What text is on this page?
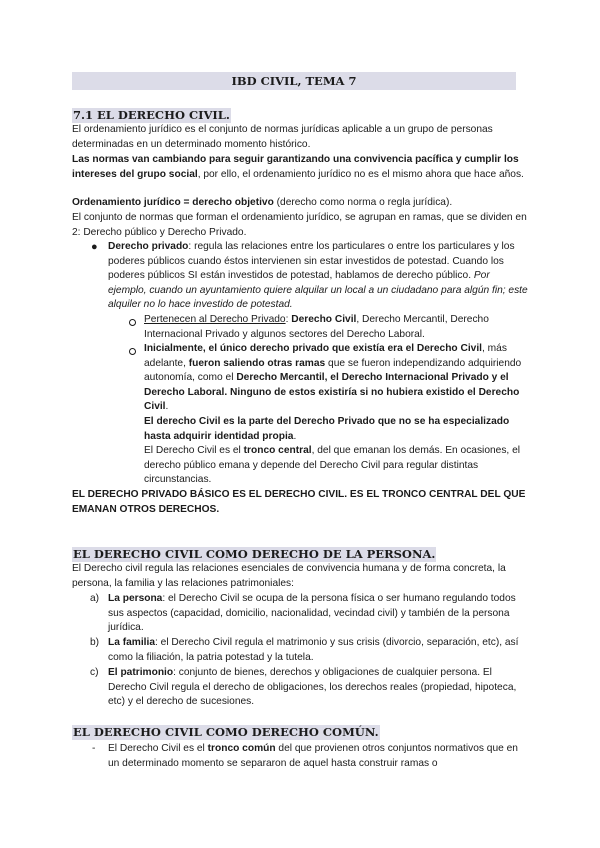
IBD CIVIL, TEMA 7
7.1 EL DERECHO CIVIL.
El ordenamiento jurídico es el conjunto de normas jurídicas aplicable a un grupo de personas determinadas en un determinado momento histórico.
Las normas van cambiando para seguir garantizando una convivencia pacífica y cumplir los intereses del grupo social, por ello, el ordenamiento jurídico no es el mismo ahora que hace años.
Ordenamiento jurídico = derecho objetivo (derecho como norma o regla jurídica).
El conjunto de normas que forman el ordenamiento jurídico, se agrupan en ramas, que se dividen en 2: Derecho público y Derecho Privado.
● Derecho privado: regula las relaciones entre los particulares o entre los particulares y los poderes públicos cuando éstos intervienen sin estar investidos de potestad. Cuando los poderes públicos SI están investidos de potestad, hablamos de derecho público. Por ejemplo, cuando un ayuntamiento quiere alquilar un local a un ciudadano para algún fin; este alquiler no lo hace investido de potestad.
Pertenecen al Derecho Privado: Derecho Civil, Derecho Mercantil, Derecho Internacional Privado y algunos sectores del Derecho Laboral.
Inicialmente, el único derecho privado que existía era el Derecho Civil, más adelante, fueron saliendo otras ramas que se fueron independizando adquiriendo autonomía, como el Derecho Mercantil, el Derecho Internacional Privado y el Derecho Laboral. Ninguno de estos existiría si no hubiera existido el Derecho Civil.
El derecho Civil es la parte del Derecho Privado que no se ha especializado hasta adquirir identidad propia.
El Derecho Civil es el tronco central, del que emanan los demás. En ocasiones, el derecho público emana y depende del Derecho Civil para regular distintas circunstancias.
EL DERECHO PRIVADO BÁSICO ES EL DERECHO CIVIL. ES EL TRONCO CENTRAL DEL QUE EMANAN OTROS DERECHOS.
EL DERECHO CIVIL COMO DERECHO DE LA PERSONA.
El Derecho civil regula las relaciones esenciales de convivencia humana y de forma concreta, la persona, la familia y las relaciones patrimoniales:
a) La persona: el Derecho Civil se ocupa de la persona física o ser humano regulando todos sus aspectos (capacidad, domicilio, nacionalidad, vecindad civil) y también de la persona jurídica.
b) La familia: el Derecho Civil regula el matrimonio y sus crisis (divorcio, separación, etc), así como la filiación, la patria potestad y la tutela.
c) El patrimonio: conjunto de bienes, derechos y obligaciones de cualquier persona. El Derecho Civil regula el derecho de obligaciones, los derechos reales (propiedad, hipoteca, etc) y el derecho de sucesiones.
EL DERECHO CIVIL COMO DERECHO COMÚN.
- El Derecho Civil es el tronco común del que provienen otros conjuntos normativos que en un determinado momento se separaron de aquel hasta construir ramas o
